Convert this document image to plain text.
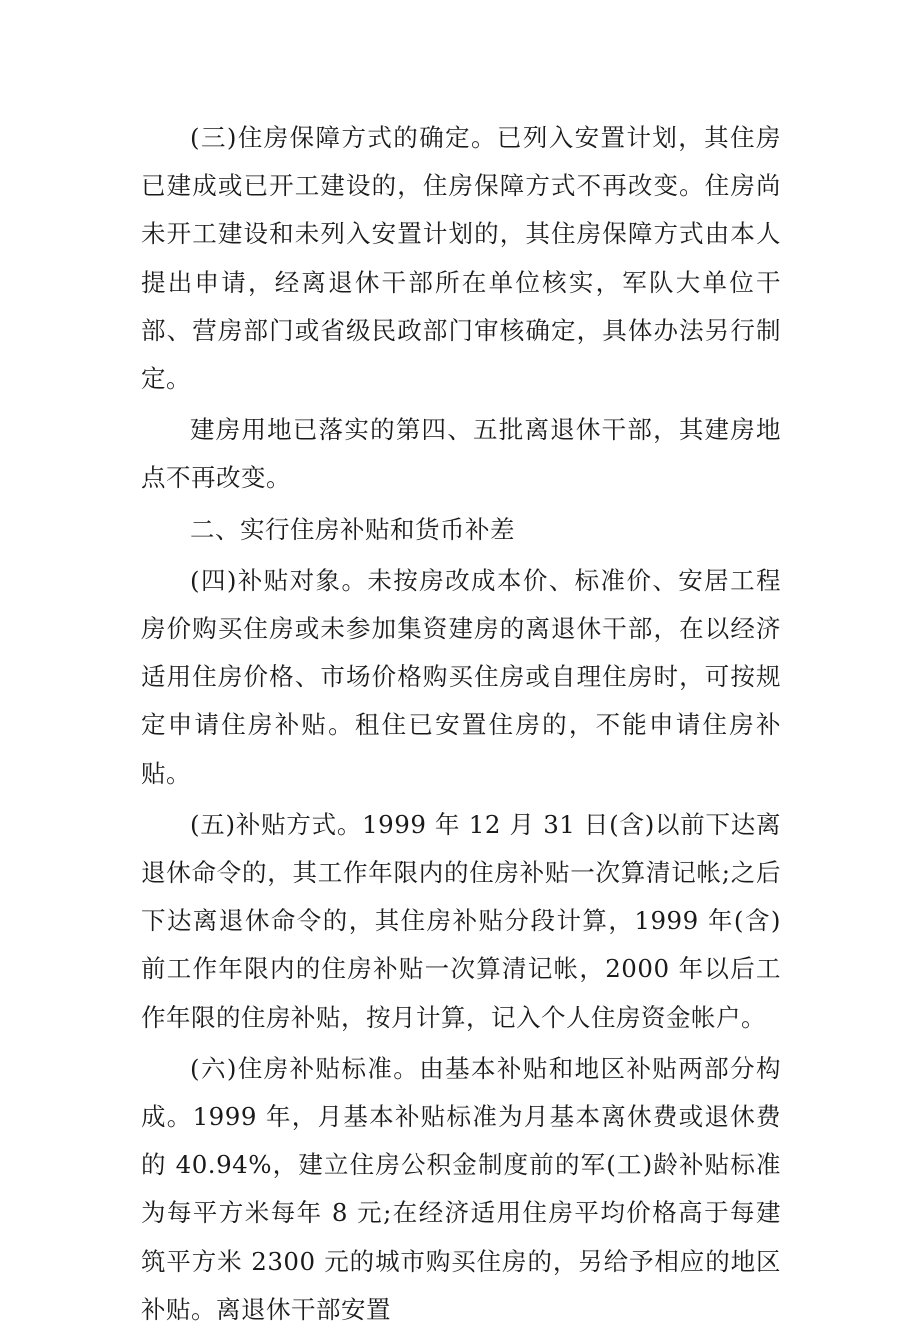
(三)住房保障方式的确定。已列入安置计划，其住房已建成或已开工建设的，住房保障方式不再改变。住房尚未开工建设和未列入安置计划的，其住房保障方式由本人提出申请，经离退休干部所在单位核实，军队大单位干部、营房部门或省级民政部门审核确定，具体办法另行制定。

建房用地已落实的第四、五批离退休干部，其建房地点不再改变。

二、实行住房补贴和货币补差

(四)补贴对象。未按房改成本价、标准价、安居工程房价购买住房或未参加集资建房的离退休干部，在以经济适用住房价格、市场价格购买住房或自理住房时，可按规定申请住房补贴。租住已安置住房的，不能申请住房补贴。

(五)补贴方式。1999 年 12 月 31 日(含)以前下达离退休命令的，其工作年限内的住房补贴一次算清记帐;之后下达离退休命令的，其住房补贴分段计算，1999 年(含)前工作年限内的住房补贴一次算清记帐，2000 年以后工作年限的住房补贴，按月计算，记入个人住房资金帐户。

(六)住房补贴标准。由基本补贴和地区补贴两部分构成。1999 年，月基本补贴标准为月基本离休费或退休费的 40.94%，建立住房公积金制度前的军(工)龄补贴标准为每平方米每年 8 元;在经济适用住房平均价格高于每建筑平方米 2300 元的城市购买住房的，另给予相应的地区补贴。离退休干部安置
